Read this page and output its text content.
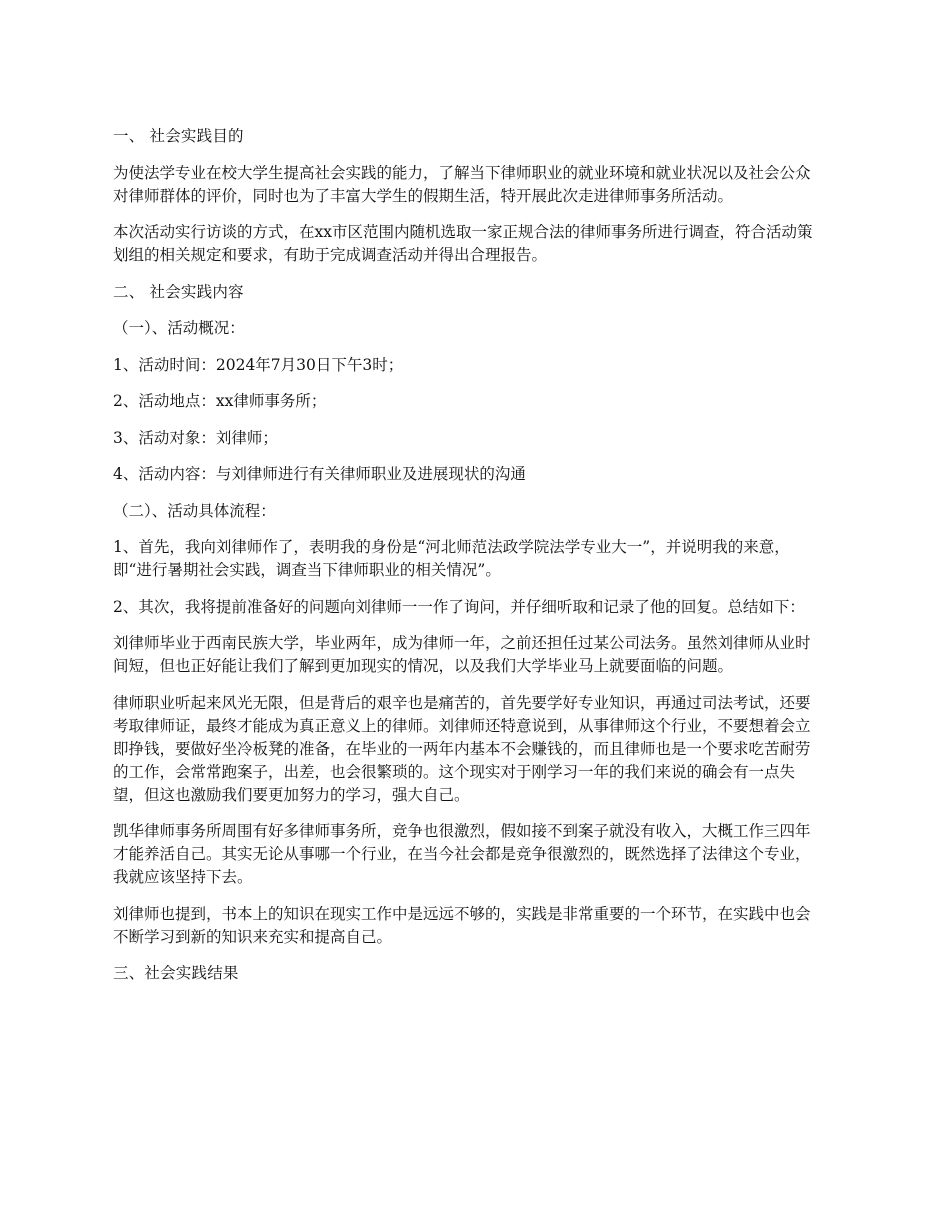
一、 社会实践目的

为使法学专业在校大学生提高社会实践的能力，了解当下律师职业的就业环境和就业状况以及社会公众对律师群体的评价，同时也为了丰富大学生的假期生活，特开展此次走进律师事务所活动。

本次活动实行访谈的方式，在xx市区范围内随机选取一家正规合法的律师事务所进行调查，符合活动策划组的相关规定和要求，有助于完成调查活动并得出合理报告。

二、 社会实践内容

（一）、活动概况：

1、活动时间：2024年7月30日下午3时；

2、活动地点：xx律师事务所；

3、活动对象：刘律师；

4、活动内容：与刘律师进行有关律师职业及进展现状的沟通

（二）、活动具体流程：

1、首先，我向刘律师作了，表明我的身份是“河北师范法政学院法学专业大一”，并说明我的来意，即“进行暑期社会实践，调查当下律师职业的相关情况”。

2、其次，我将提前准备好的问题向刘律师一一作了询问，并仔细听取和记录了他的回复。总结如下：

刘律师毕业于西南民族大学，毕业两年，成为律师一年，之前还担任过某公司法务。虽然刘律师从业时间短，但也正好能让我们了解到更加现实的情况，以及我们大学毕业马上就要面临的问题。

律师职业听起来风光无限，但是背后的艰辛也是痛苦的，首先要学好专业知识，再通过司法考试，还要考取律师证，最终才能成为真正意义上的律师。刘律师还特意说到，从事律师这个行业，不要想着会立即挣钱，要做好坐冷板凳的准备，在毕业的一两年内基本不会赚钱的，而且律师也是一个要求吃苦耐劳的工作，会常常跑案子，出差，也会很繁琐的。这个现实对于刚学习一年的我们来说的确会有一点失望，但这也激励我们要更加努力的学习，强大自己。

凯华律师事务所周围有好多律师事务所，竞争也很激烈，假如接不到案子就没有收入，大概工作三四年才能养活自己。其实无论从事哪一个行业，在当今社会都是竞争很激烈的，既然选择了法律这个专业，我就应该坚持下去。

刘律师也提到，书本上的知识在现实工作中是远远不够的，实践是非常重要的一个环节，在实践中也会不断学习到新的知识来充实和提高自己。

三、社会实践结果
